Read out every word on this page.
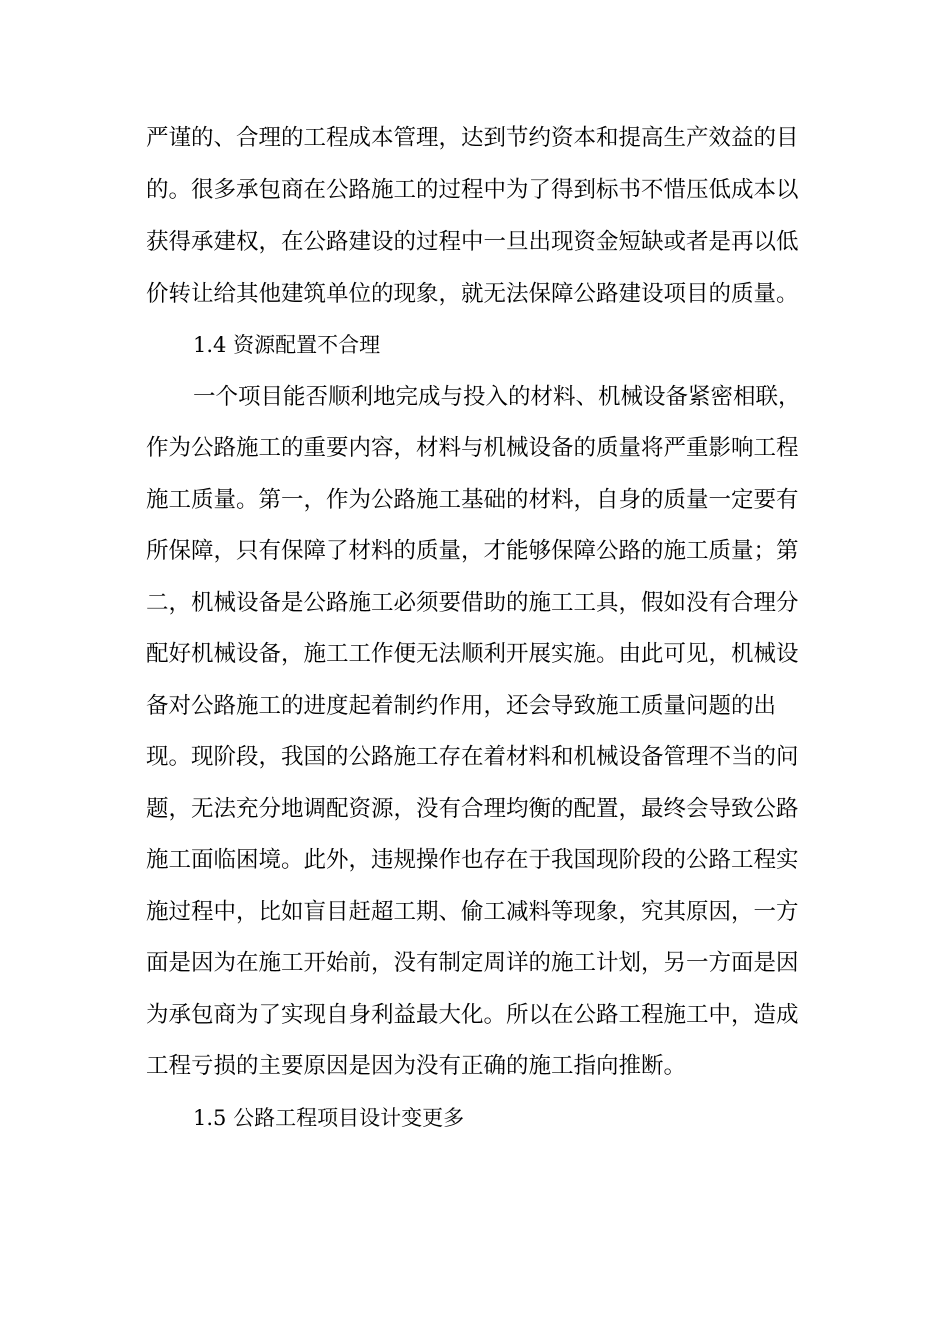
严谨的、合理的工程成本管理，达到节约资本和提高生产效益的目
的。很多承包商在公路施工的过程中为了得到标书不惜压低成本以
获得承建权，在公路建设的过程中一旦出现资金短缺或者是再以低
价转让给其他建筑单位的现象，就无法保障公路建设项目的质量。
1.4 资源配置不合理
一个项目能否顺利地完成与投入的材料、机械设备紧密相联，
作为公路施工的重要内容，材料与机械设备的质量将严重影响工程
施工质量。第一，作为公路施工基础的材料，自身的质量一定要有
所保障，只有保障了材料的质量，才能够保障公路的施工质量；第
二，机械设备是公路施工必须要借助的施工工具，假如没有合理分
配好机械设备，施工工作便无法顺利开展实施。由此可见，机械设
备对公路施工的进度起着制约作用，还会导致施工质量问题的出
现。现阶段，我国的公路施工存在着材料和机械设备管理不当的问
题，无法充分地调配资源，没有合理均衡的配置，最终会导致公路
施工面临困境。此外，违规操作也存在于我国现阶段的公路工程实
施过程中，比如盲目赶超工期、偷工减料等现象，究其原因，一方
面是因为在施工开始前，没有制定周详的施工计划，另一方面是因
为承包商为了实现自身利益最大化。所以在公路工程施工中，造成
工程亏损的主要原因是因为没有正确的施工指向推断。
1.5 公路工程项目设计变更多
